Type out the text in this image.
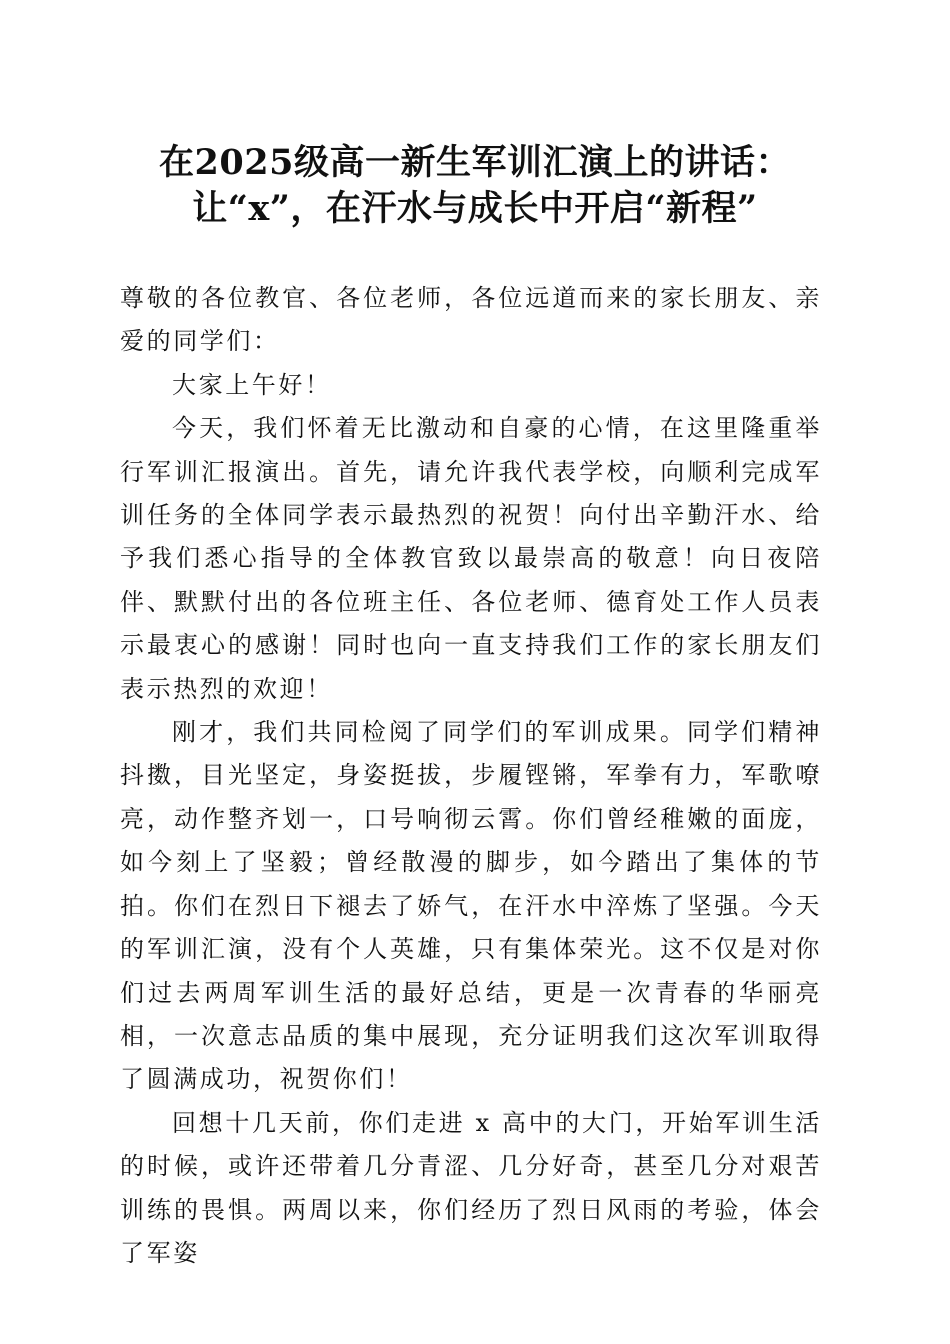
在2025级高一新生军训汇演上的讲话：
让“x”，在汗水与成长中开启“新程”

尊敬的各位教官、各位老师，各位远道而来的家长朋友、亲爱的同学们：

大家上午好！

今天，我们怀着无比激动和自豪的心情，在这里隆重举行军训汇报演出。首先，请允许我代表学校，向顺利完成军训任务的全体同学表示最热烈的祝贺！向付出辛勤汗水、给予我们悉心指导的全体教官致以最崇高的敬意！向日夜陪伴、默默付出的各位班主任、各位老师、德育处工作人员表示最衷心的感谢！同时也向一直支持我们工作的家长朋友们表示热烈的欢迎！

刚才，我们共同检阅了同学们的军训成果。同学们精神抖擞，目光坚定，身姿挺拔，步履铿锵，军拳有力，军歌嘹亮，动作整齐划一，口号响彻云霄。你们曾经稚嫩的面庞，如今刻上了坚毅；曾经散漫的脚步，如今踏出了集体的节拍。你们在烈日下褪去了娇气，在汗水中淬炼了坚强。今天的军训汇演，没有个人英雄，只有集体荣光。这不仅是对你们过去两周军训生活的最好总结，更是一次青春的华丽亮相，一次意志品质的集中展现，充分证明我们这次军训取得了圆满成功，祝贺你们！

回想十几天前，你们走进 x 高中的大门，开始军训生活的时候，或许还带着几分青涩、几分好奇，甚至几分对艰苦训练的畏惧。两周以来，你们经历了烈日风雨的考验，体会了军姿
